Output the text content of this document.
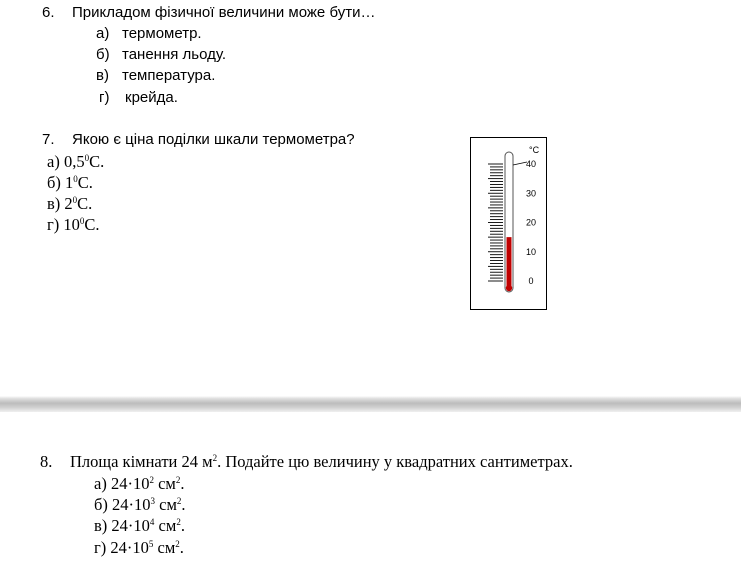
6. Прикладом фізичної величини може бути…
а) термометр.
б) танення льоду.
в) температура.
г) крейда.
7. Якою є ціна поділки шкали термометра?
а) $0,5^0С$.
б) $1^0С$.
в) $2^0С$.
г) $10^0С$.
°C
40
30
20
10
0
8. Площа кімнати 24 $м^2$. Подайте цю величину у квадратних сантиметрах.
а) $24\cdot 10^2$ $см^2$.
б) $24\cdot 10^3$ $см^2$.
в) $24\cdot 10^4$ $см^2$.
г) $24\cdot 10^5$ $см^2$.
